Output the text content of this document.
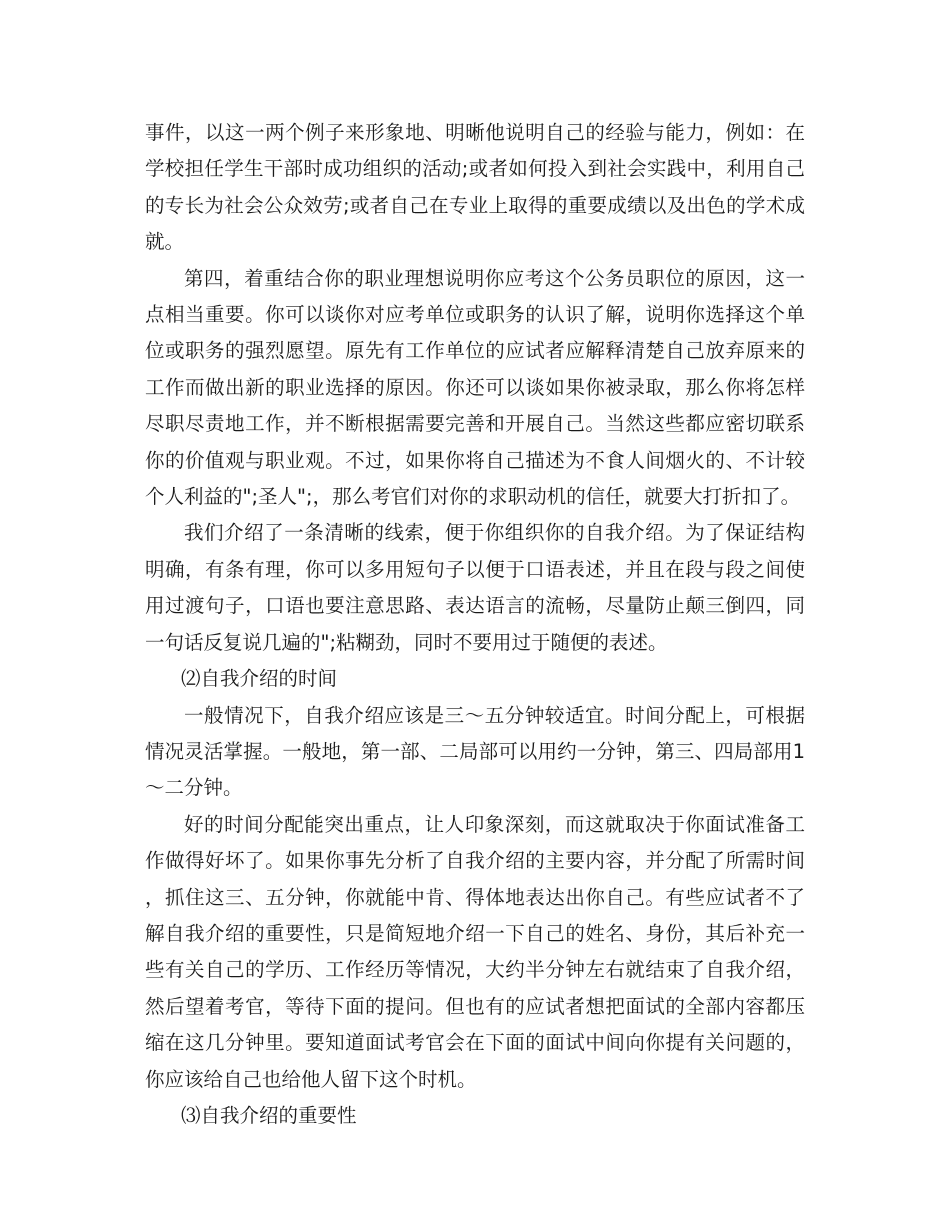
事件，以这一两个例子来形象地、明晰他说明自己的经验与能力，例如：在学校担任学生干部时成功组织的活动;或者如何投入到社会实践中，利用自己的专长为社会公众效劳;或者自己在专业上取得的重要成绩以及出色的学术成就。

第四，着重结合你的职业理想说明你应考这个公务员职位的原因，这一点相当重要。你可以谈你对应考单位或职务的认识了解，说明你选择这个单位或职务的强烈愿望。原先有工作单位的应试者应解释清楚自己放弃原来的工作而做出新的职业选择的原因。你还可以谈如果你被录取，那么你将怎样尽职尽责地工作，并不断根据需要完善和开展自己。当然这些都应密切联系你的价值观与职业观。不过，如果你将自己描述为不食人间烟火的、不计较个人利益的";圣人";，那么考官们对你的求职动机的信任，就要大打折扣了。

我们介绍了一条清晰的线索，便于你组织你的自我介绍。为了保证结构明确，有条有理，你可以多用短句子以便于口语表述，并且在段与段之间使用过渡句子，口语也要注意思路、表达语言的流畅，尽量防止颠三倒四，同一句话反复说几遍的";粘糊劲，同时不要用过于随便的表述。

⑵自我介绍的时间

一般情况下，自我介绍应该是三～五分钟较适宜。时间分配上，可根据情况灵活掌握。一般地，第一部、二局部可以用约一分钟，第三、四局部用1～二分钟。

好的时间分配能突出重点，让人印象深刻，而这就取决于你面试准备工作做得好坏了。如果你事先分析了自我介绍的主要内容，并分配了所需时间，抓住这三、五分钟，你就能中肯、得体地表达出你自己。有些应试者不了解自我介绍的重要性，只是简短地介绍一下自己的姓名、身份，其后补充一些有关自己的学历、工作经历等情况，大约半分钟左右就结束了自我介绍，然后望着考官，等待下面的提问。但也有的应试者想把面试的全部内容都压缩在这几分钟里。要知道面试考官会在下面的面试中间向你提有关问题的，你应该给自己也给他人留下这个时机。

⑶自我介绍的重要性
